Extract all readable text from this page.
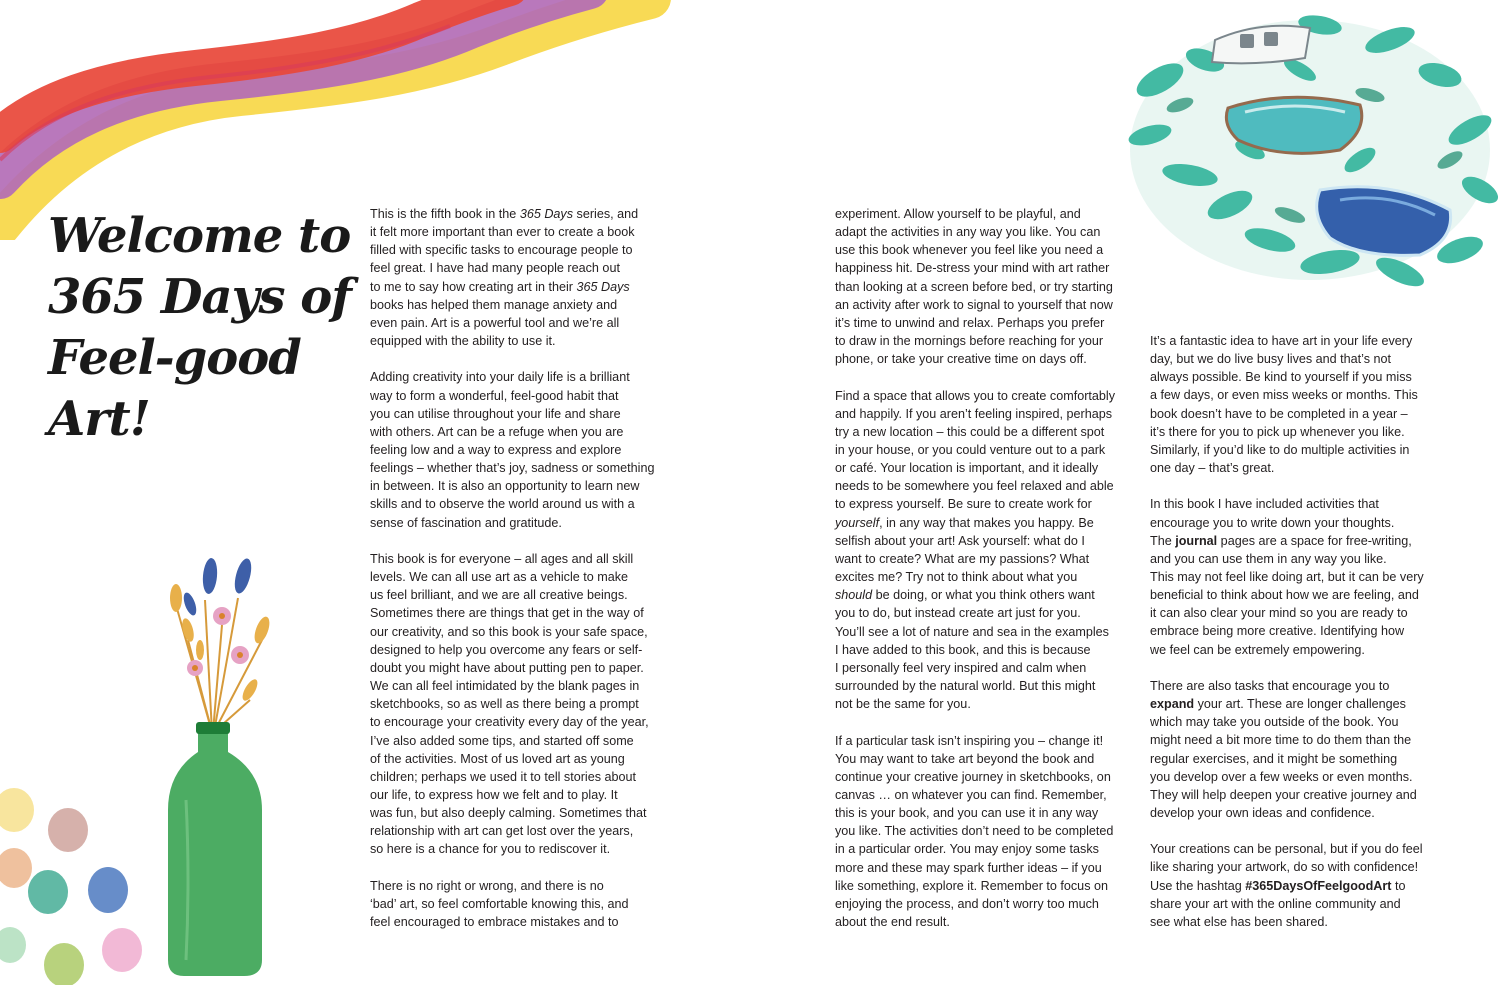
Welcome to
365 Days of
Feel-good
Art!

This is the fifth book in the 365 Days series, and
it felt more important than ever to create a book
filled with specific tasks to encourage people to
feel great. I have had many people reach out
to me to say how creating art in their 365 Days
books has helped them manage anxiety and
even pain. Art is a powerful tool and we’re all
equipped with the ability to use it.

Adding creativity into your daily life is a brilliant
way to form a wonderful, feel-good habit that
you can utilise throughout your life and share
with others. Art can be a refuge when you are
feeling low and a way to express and explore
feelings – whether that’s joy, sadness or something
in between. It is also an opportunity to learn new
skills and to observe the world around us with a
sense of fascination and gratitude.

This book is for everyone – all ages and all skill
levels. We can all use art as a vehicle to make
us feel brilliant, and we are all creative beings.
Sometimes there are things that get in the way of
our creativity, and so this book is your safe space,
designed to help you overcome any fears or self-
doubt you might have about putting pen to paper.
We can all feel intimidated by the blank pages in
sketchbooks, so as well as there being a prompt
to encourage your creativity every day of the year,
I’ve also added some tips, and started off some
of the activities. Most of us loved art as young
children; perhaps we used it to tell stories about
our life, to express how we felt and to play. It
was fun, but also deeply calming. Sometimes that
relationship with art can get lost over the years,
so here is a chance for you to rediscover it.

There is no right or wrong, and there is no
‘bad’ art, so feel comfortable knowing this, and
feel encouraged to embrace mistakes and to

experiment. Allow yourself to be playful, and
adapt the activities in any way you like. You can
use this book whenever you feel like you need a
happiness hit. De-stress your mind with art rather
than looking at a screen before bed, or try starting
an activity after work to signal to yourself that now
it’s time to unwind and relax. Perhaps you prefer
to draw in the mornings before reaching for your
phone, or take your creative time on days off.

Find a space that allows you to create comfortably
and happily. If you aren’t feeling inspired, perhaps
try a new location – this could be a different spot
in your house, or you could venture out to a park
or café. Your location is important, and it ideally
needs to be somewhere you feel relaxed and able
to express yourself. Be sure to create work for
yourself, in any way that makes you happy. Be
selfish about your art! Ask yourself: what do I
want to create? What are my passions? What
excites me? Try not to think about what you
should be doing, or what you think others want
you to do, but instead create art just for you.
You’ll see a lot of nature and sea in the examples
I have added to this book, and this is because
I personally feel very inspired and calm when
surrounded by the natural world. But this might
not be the same for you.

If a particular task isn’t inspiring you – change it!
You may want to take art beyond the book and
continue your creative journey in sketchbooks, on
canvas … on whatever you can find. Remember,
this is your book, and you can use it in any way
you like. The activities don’t need to be completed
in a particular order. You may enjoy some tasks
more and these may spark further ideas – if you
like something, explore it. Remember to focus on
enjoying the process, and don’t worry too much
about the end result.

It’s a fantastic idea to have art in your life every
day, but we do live busy lives and that’s not
always possible. Be kind to yourself if you miss
a few days, or even miss weeks or months. This
book doesn’t have to be completed in a year –
it’s there for you to pick up whenever you like.
Similarly, if you’d like to do multiple activities in
one day – that’s great.

In this book I have included activities that
encourage you to write down your thoughts.
The journal pages are a space for free-writing,
and you can use them in any way you like.
This may not feel like doing art, but it can be very
beneficial to think about how we are feeling, and
it can also clear your mind so you are ready to
embrace being more creative. Identifying how
we feel can be extremely empowering.

There are also tasks that encourage you to
expand your art. These are longer challenges
which may take you outside of the book. You
might need a bit more time to do them than the
regular exercises, and it might be something
you develop over a few weeks or even months.
They will help deepen your creative journey and
develop your own ideas and confidence.

Your creations can be personal, but if you do feel
like sharing your artwork, do so with confidence!
Use the hashtag #365DaysOfFeelgoodArt to
share your art with the online community and
see what else has been shared.
